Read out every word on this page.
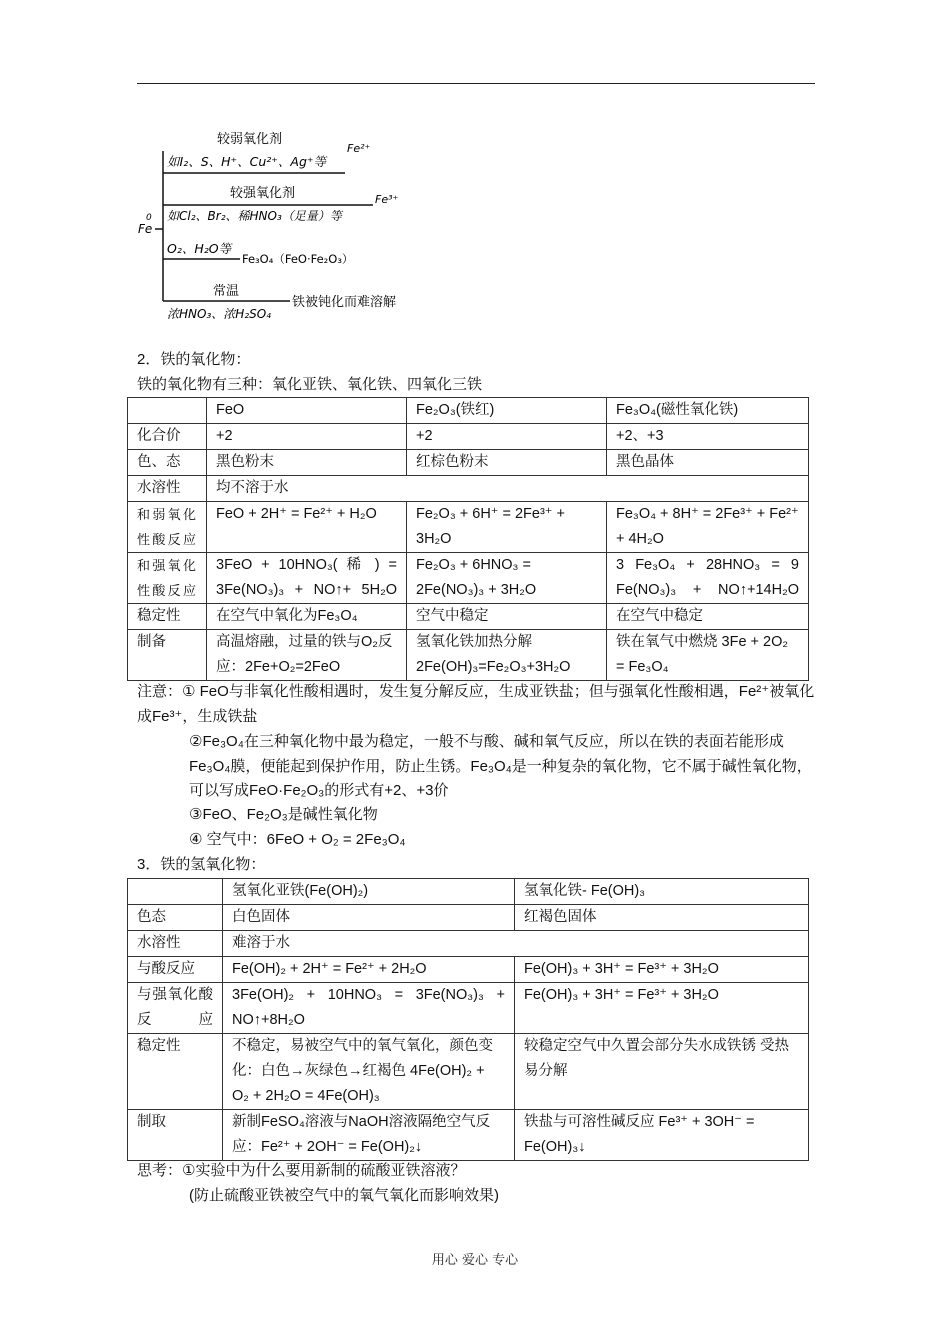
0
Fe
较弱氧化剂
如I₂、S、H⁺、Cu²⁺、Ag⁺等
Fe²⁺
较强氧化剂
如Cl₂、Br₂、稀HNO₃（足量）等
Fe³⁺
O₂、H₂O等
Fe₃O₄（FeO·Fe₂O₃）
常温
浓HNO₃、浓H₂SO₄
铁被钝化而难溶解
2．铁的氧化物：
铁的氧化物有三种：氧化亚铁、氧化铁、四氧化三铁
	FeO	Fe₂O₃(铁红)	Fe₃O₄(磁性氧化铁)
化合价	+2	+2	+2、+3
色、态	黑色粉末	红棕色粉末	黑色晶体
水溶性	均不溶于水		
和弱氧化性酸反应	FeO + 2H⁺ = Fe²⁺ + H₂O	Fe₂O₃ + 6H⁺ = 2Fe³⁺ + 3H₂O	Fe₃O₄ + 8H⁺ = 2Fe³⁺ + Fe²⁺ + 4H₂O
和强氧化性酸反应	3FeO + 10HNO₃( 稀 ) = 3Fe(NO₃)₃ + NO↑+ 5H₂O	Fe₂O₃ + 6HNO₃ = 2Fe(NO₃)₃ + 3H₂O	3 Fe₃O₄ + 28HNO₃ = 9 Fe(NO₃)₃ + NO↑+14H₂O
稳定性	在空气中氧化为Fe₃O₄	空气中稳定	在空气中稳定
制备	高温熔融，过量的铁与O₂反应：2Fe+O₂=2FeO	氢氧化铁加热分解 2Fe(OH)₃=Fe₂O₃+3H₂O	铁在氧气中燃烧 3Fe + 2O₂ = Fe₃O₄
注意：① FeO与非氧化性酸相遇时，发生复分解反应，生成亚铁盐；但与强氧化性酸相遇，Fe²⁺被氧化成Fe³⁺，生成铁盐
②Fe₃O₄在三种氧化物中最为稳定，一般不与酸、碱和氧气反应，所以在铁的表面若能形成Fe₃O₄膜，便能起到保护作用，防止生锈。Fe₃O₄是一种复杂的氧化物，它不属于碱性氧化物，可以写成FeO·Fe₂O₃的形式有+2、+3价
③FeO、Fe₂O₃是碱性氧化物
④ 空气中：6FeO + O₂ = 2Fe₃O₄
3．铁的氢氧化物：
	氢氧化亚铁(Fe(OH)₂)	氢氧化铁- Fe(OH)₃
色态	白色固体	红褐色固体
水溶性	难溶于水	
与酸反应	Fe(OH)₂ + 2H⁺ = Fe²⁺ + 2H₂O	Fe(OH)₃ + 3H⁺ = Fe³⁺ + 3H₂O
与强氧化酸反应	3Fe(OH)₂ + 10HNO₃ = 3Fe(NO₃)₃ + NO↑+8H₂O	Fe(OH)₃ + 3H⁺ = Fe³⁺ + 3H₂O
稳定性	不稳定，易被空气中的氧气氧化，颜色变化：白色→灰绿色→红褐色 4Fe(OH)₂ + O₂ + 2H₂O = 4Fe(OH)₃	较稳定空气中久置会部分失水成铁锈 受热易分解
制取	新制FeSO₄溶液与NaOH溶液隔绝空气反应：Fe²⁺ + 2OH⁻ = Fe(OH)₂↓	铁盐与可溶性碱反应 Fe³⁺ + 3OH⁻ = Fe(OH)₃↓
思考：①实验中为什么要用新制的硫酸亚铁溶液？
(防止硫酸亚铁被空气中的氧气氧化而影响效果)
用心 爱心 专心
